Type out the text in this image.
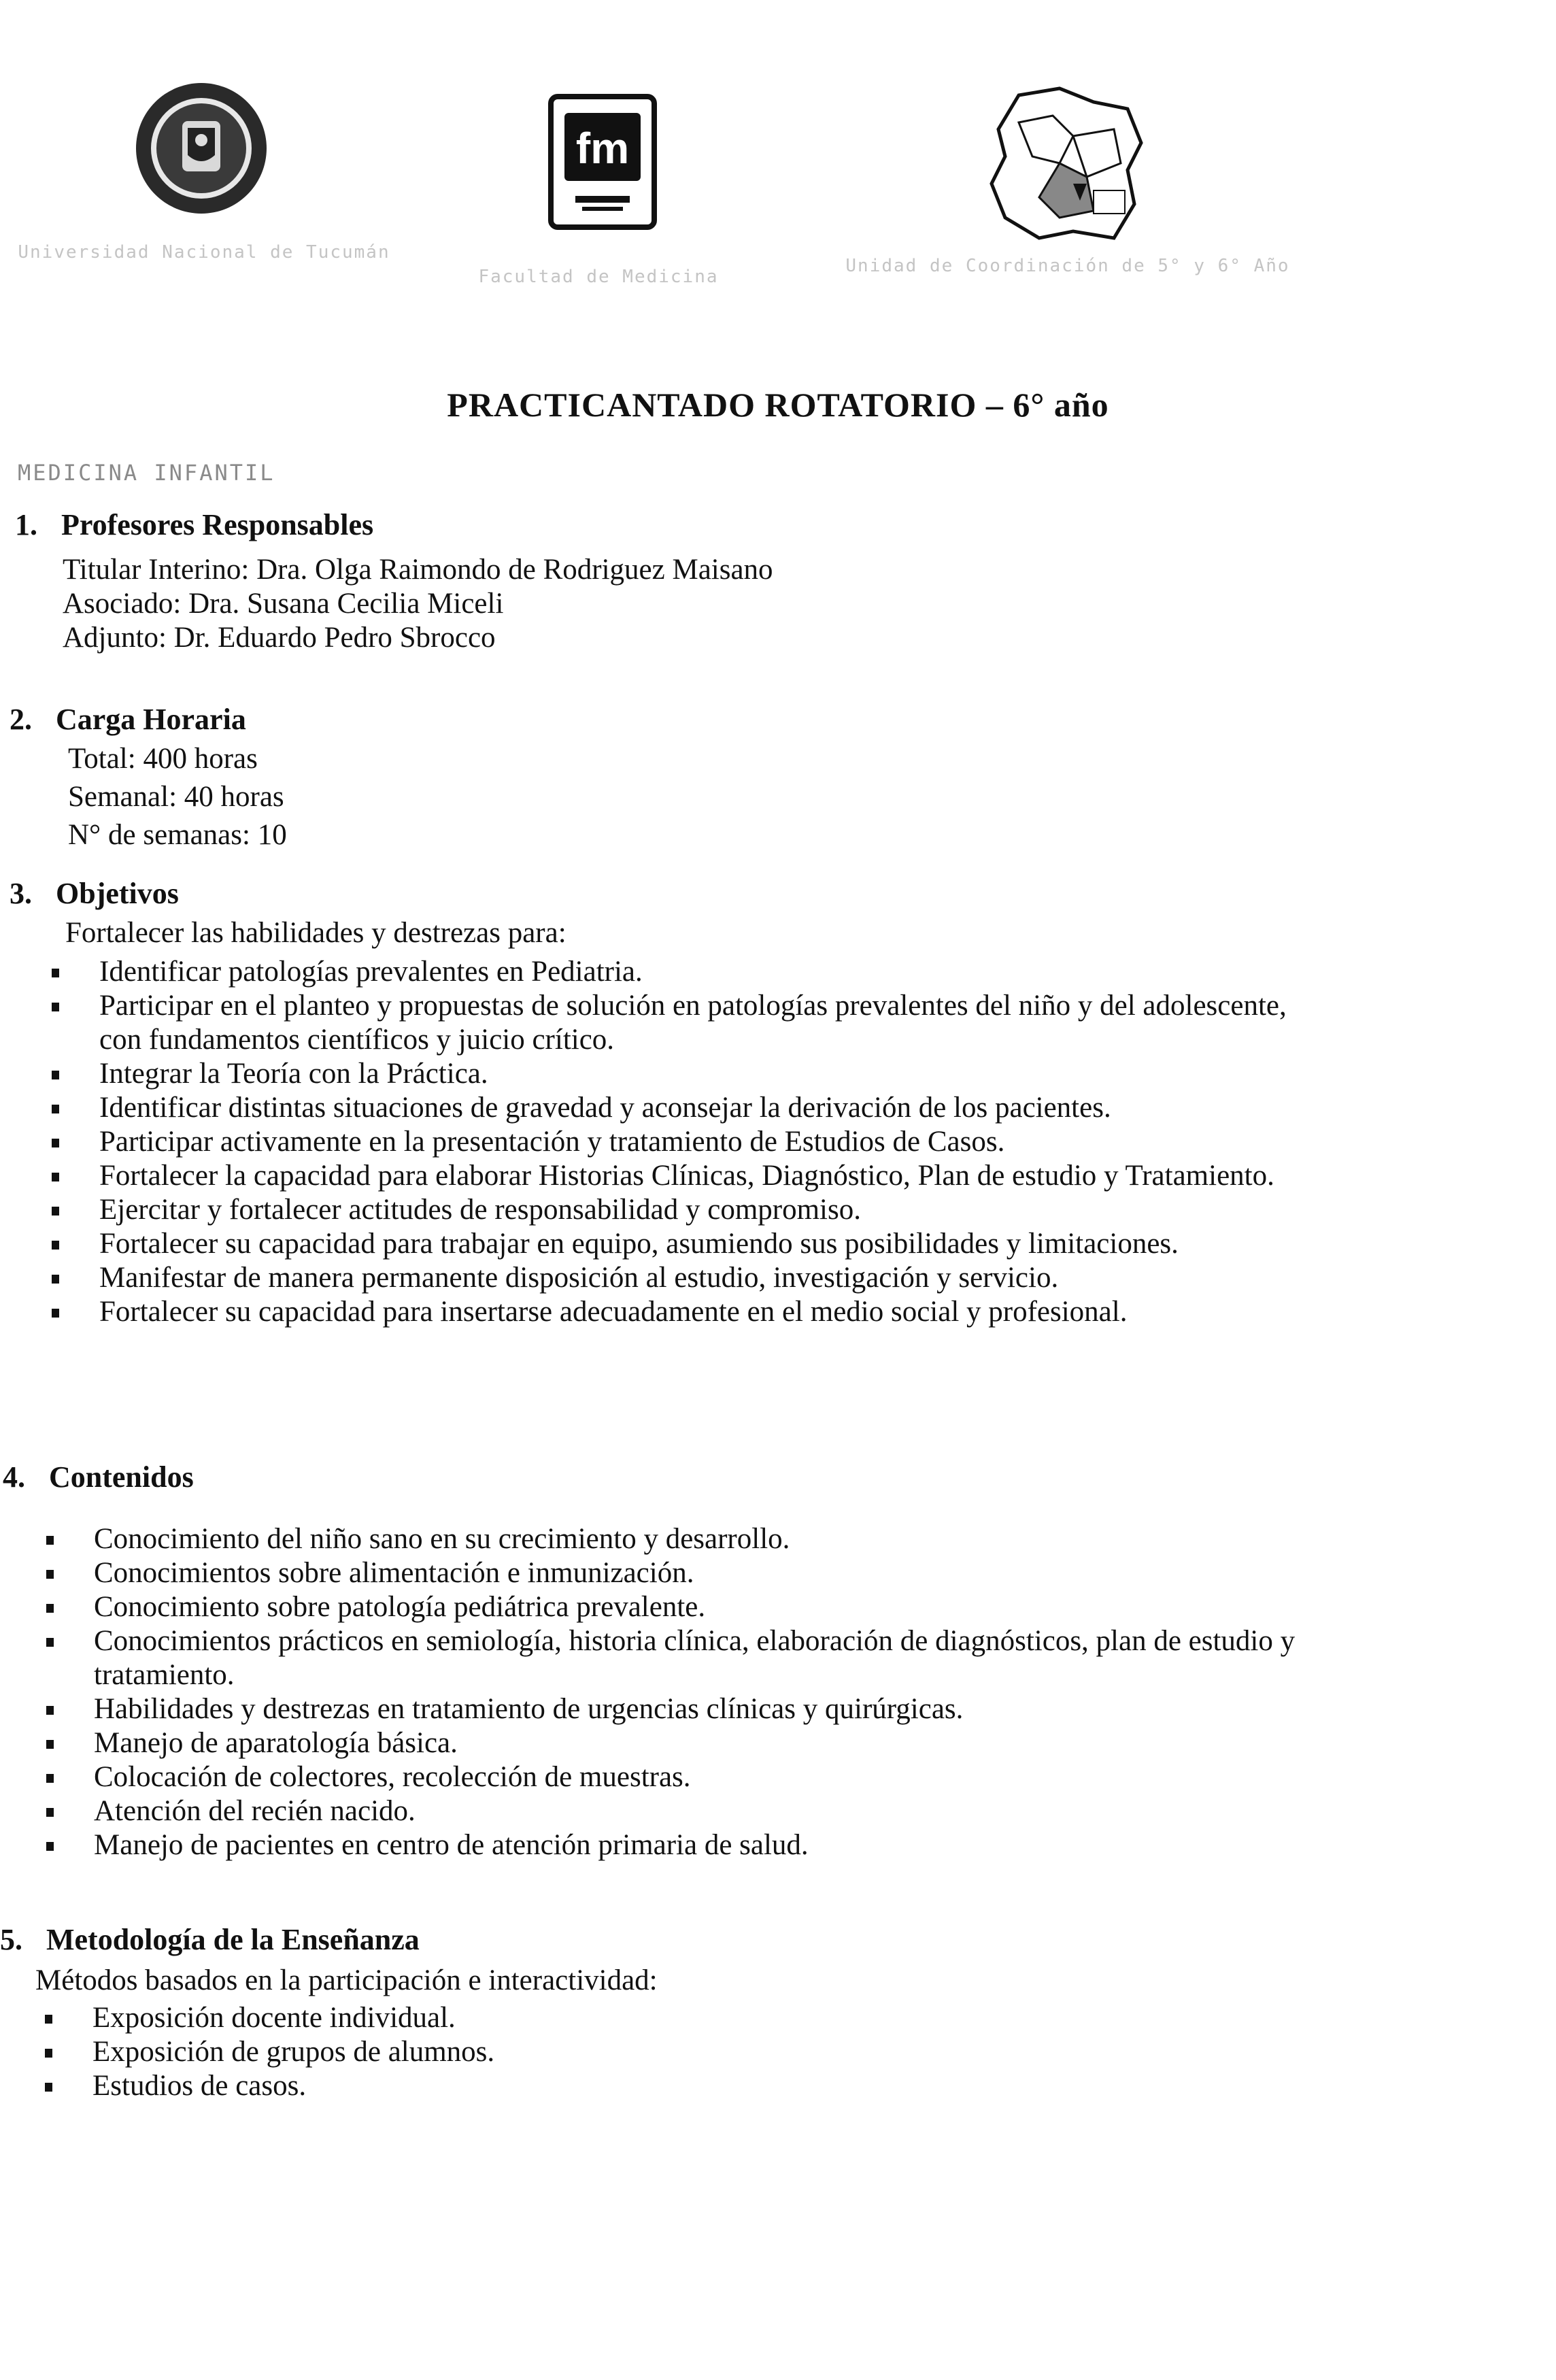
Universidad Nacional de Tucumán
fm
Facultad de Medicina
Unidad de Coordinación de 5° y 6° Año
PRACTICANTADO ROTATORIO – 6° año
MEDICINA INFANTIL
1. Profesores Responsables
Titular Interino: Dra. Olga Raimondo de Rodriguez Maisano
Asociado: Dra. Susana Cecilia Miceli
Adjunto: Dr. Eduardo Pedro Sbrocco
2. Carga Horaria
Total: 400 horas
Semanal: 40 horas
N° de semanas: 10
3. Objetivos
Fortalecer las habilidades y destrezas para:
Identificar patologías prevalentes en Pediatria.
Participar en el planteo y propuestas de solución en patologías prevalentes del niño y del adolescente, con fundamentos científicos y juicio crítico.
Integrar la Teoría con la Práctica.
Identificar distintas situaciones de gravedad y aconsejar la derivación de los pacientes.
Participar activamente en la presentación y tratamiento de Estudios de Casos.
Fortalecer la capacidad para elaborar Historias Clínicas, Diagnóstico, Plan de estudio y Tratamiento.
Ejercitar y fortalecer actitudes de responsabilidad y compromiso.
Fortalecer su capacidad para trabajar en equipo, asumiendo sus posibilidades y limitaciones.
Manifestar de manera permanente disposición al estudio, investigación y servicio.
Fortalecer su capacidad para insertarse adecuadamente en el medio social y profesional.
4. Contenidos
Conocimiento del niño sano en su crecimiento y desarrollo.
Conocimientos sobre alimentación e inmunización.
Conocimiento sobre patología pediátrica prevalente.
Conocimientos prácticos en semiología, historia clínica, elaboración de diagnósticos, plan de estudio y tratamiento.
Habilidades y destrezas en tratamiento de urgencias clínicas y quirúrgicas.
Manejo de aparatología básica.
Colocación de colectores, recolección de muestras.
Atención del recién nacido.
Manejo de pacientes en centro de atención primaria de salud.
5. Metodología de la Enseñanza
Métodos basados en la participación e interactividad:
Exposición docente individual.
Exposición de grupos de alumnos.
Estudios de casos.
